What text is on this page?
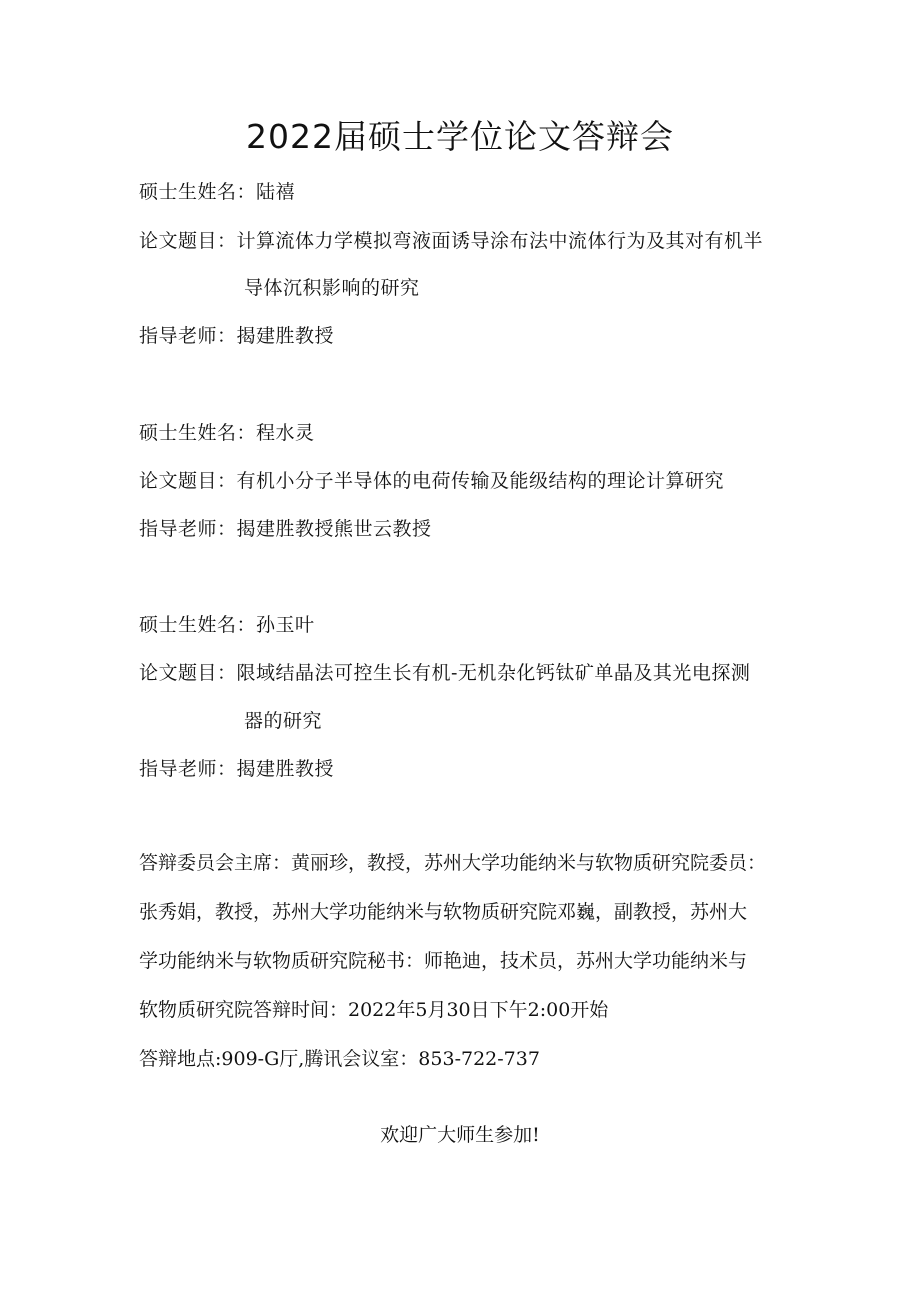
2022届硕士学位论文答辩会
硕士生姓名：陆禧
论文题目：计算流体力学模拟弯液面诱导涂布法中流体行为及其对有机半
导体沉积影响的研究
指导老师：揭建胜教授
硕士生姓名：程水灵
论文题目：有机小分子半导体的电荷传输及能级结构的理论计算研究
指导老师：揭建胜教授熊世云教授
硕士生姓名：孙玉叶
论文题目：限域结晶法可控生长有机-无机杂化钙钛矿单晶及其光电探测
器的研究
指导老师：揭建胜教授
答辩委员会主席：黄丽珍，教授，苏州大学功能纳米与软物质研究院委员：
张秀娟，教授，苏州大学功能纳米与软物质研究院邓巍，副教授，苏州大
学功能纳米与软物质研究院秘书：师艳迪，技术员，苏州大学功能纳米与
软物质研究院答辩时间：2022年5月30日下午2:00开始
答辩地点:909-G厅,腾讯会议室：853-722-737
欢迎广大师生参加!
